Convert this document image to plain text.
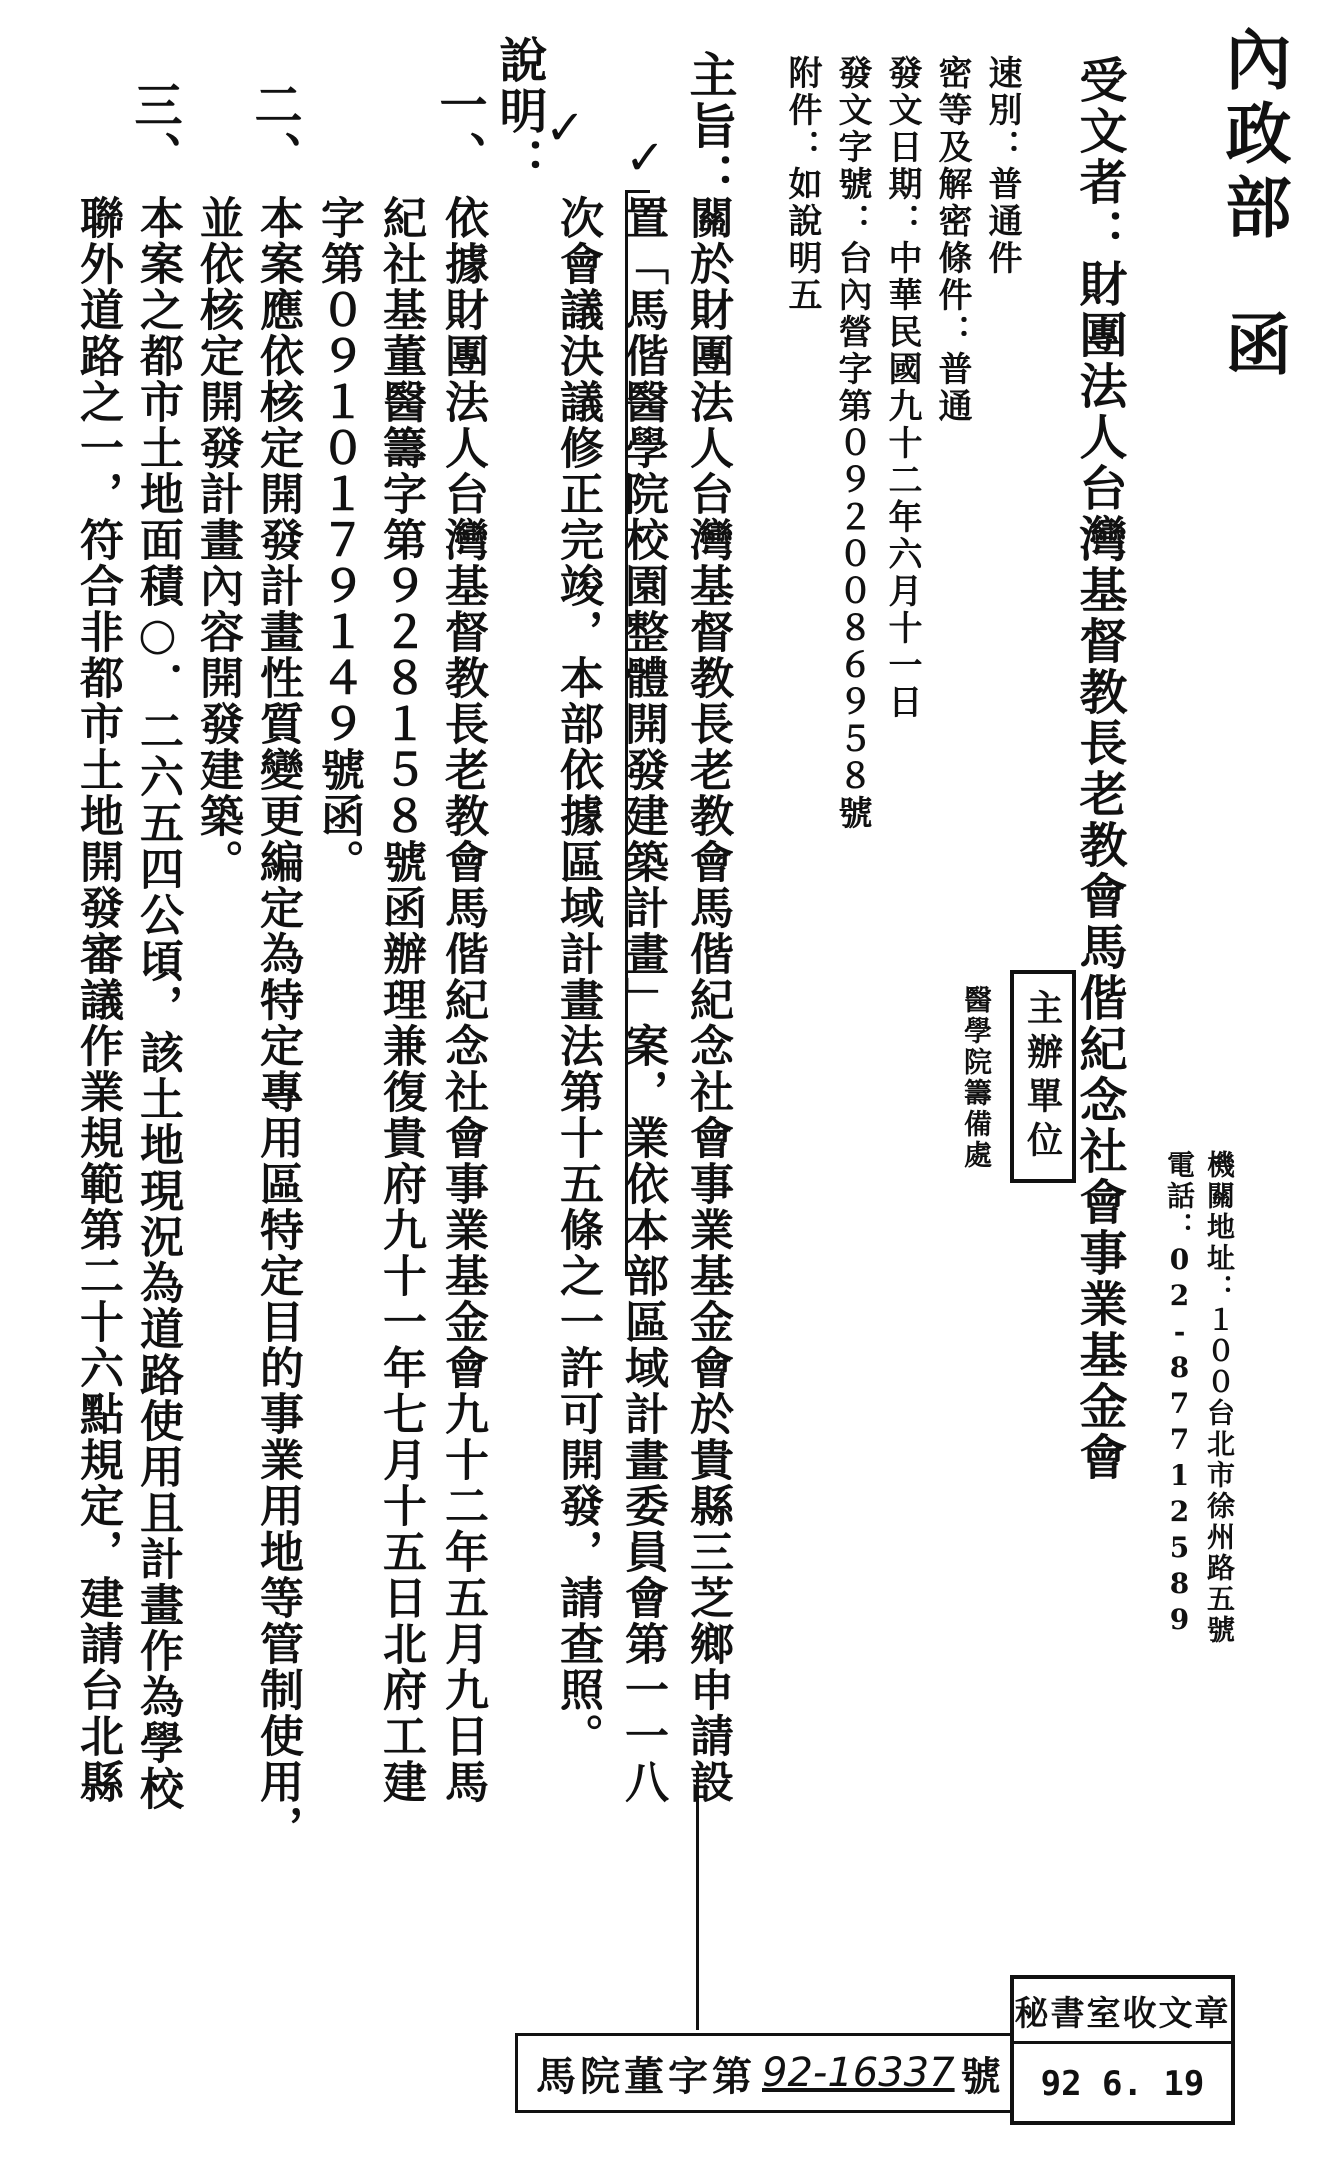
內政部
函
機關地址：１００台北市徐州路五號
電話：02-87712589
受文者：財團法人台灣基督教長老教會馬偕紀念社會事業基金會
速別：普通件
密等及解密條件：普通
發文日期：中華民國九十二年六月十一日
發文字號：台內營字第０９２００８６９５８號
附件：如說明五
主辦單位
醫學院籌備處
主旨：
關於財團法人台灣基督教長老教會馬偕紀念社會事業基金會於貴縣三芝鄉申請設
置「馬偕醫學院校園整體開發建築計畫」案，業依本部區域計畫委員會第一一八
次會議決議修正完竣，本部依據區域計畫法第十五條之一許可開發，請查照。
說明：
一、
依據財團法人台灣基督教長老教會馬偕紀念社會事業基金會九十二年五月九日馬
紀社基董醫籌字第９２８１５８號函辦理兼復貴府九十一年七月十五日北府工建
字第０９１０１７９１４９號函。
二、
本案應依核定開發計畫性質變更編定為特定專用區特定目的事業用地等管制使用，
並依核定開發計畫內容開發建築。
三、
本案之都市土地面積○．二六五四公頃，該土地現況為道路使用且計畫作為學校
聯外道路之一，符合非都市土地開發審議作業規範第二十六點規定，建請台北縣
✓
✓
秘書室收文章
92 6. 19
馬院董字第 92-16337 號
